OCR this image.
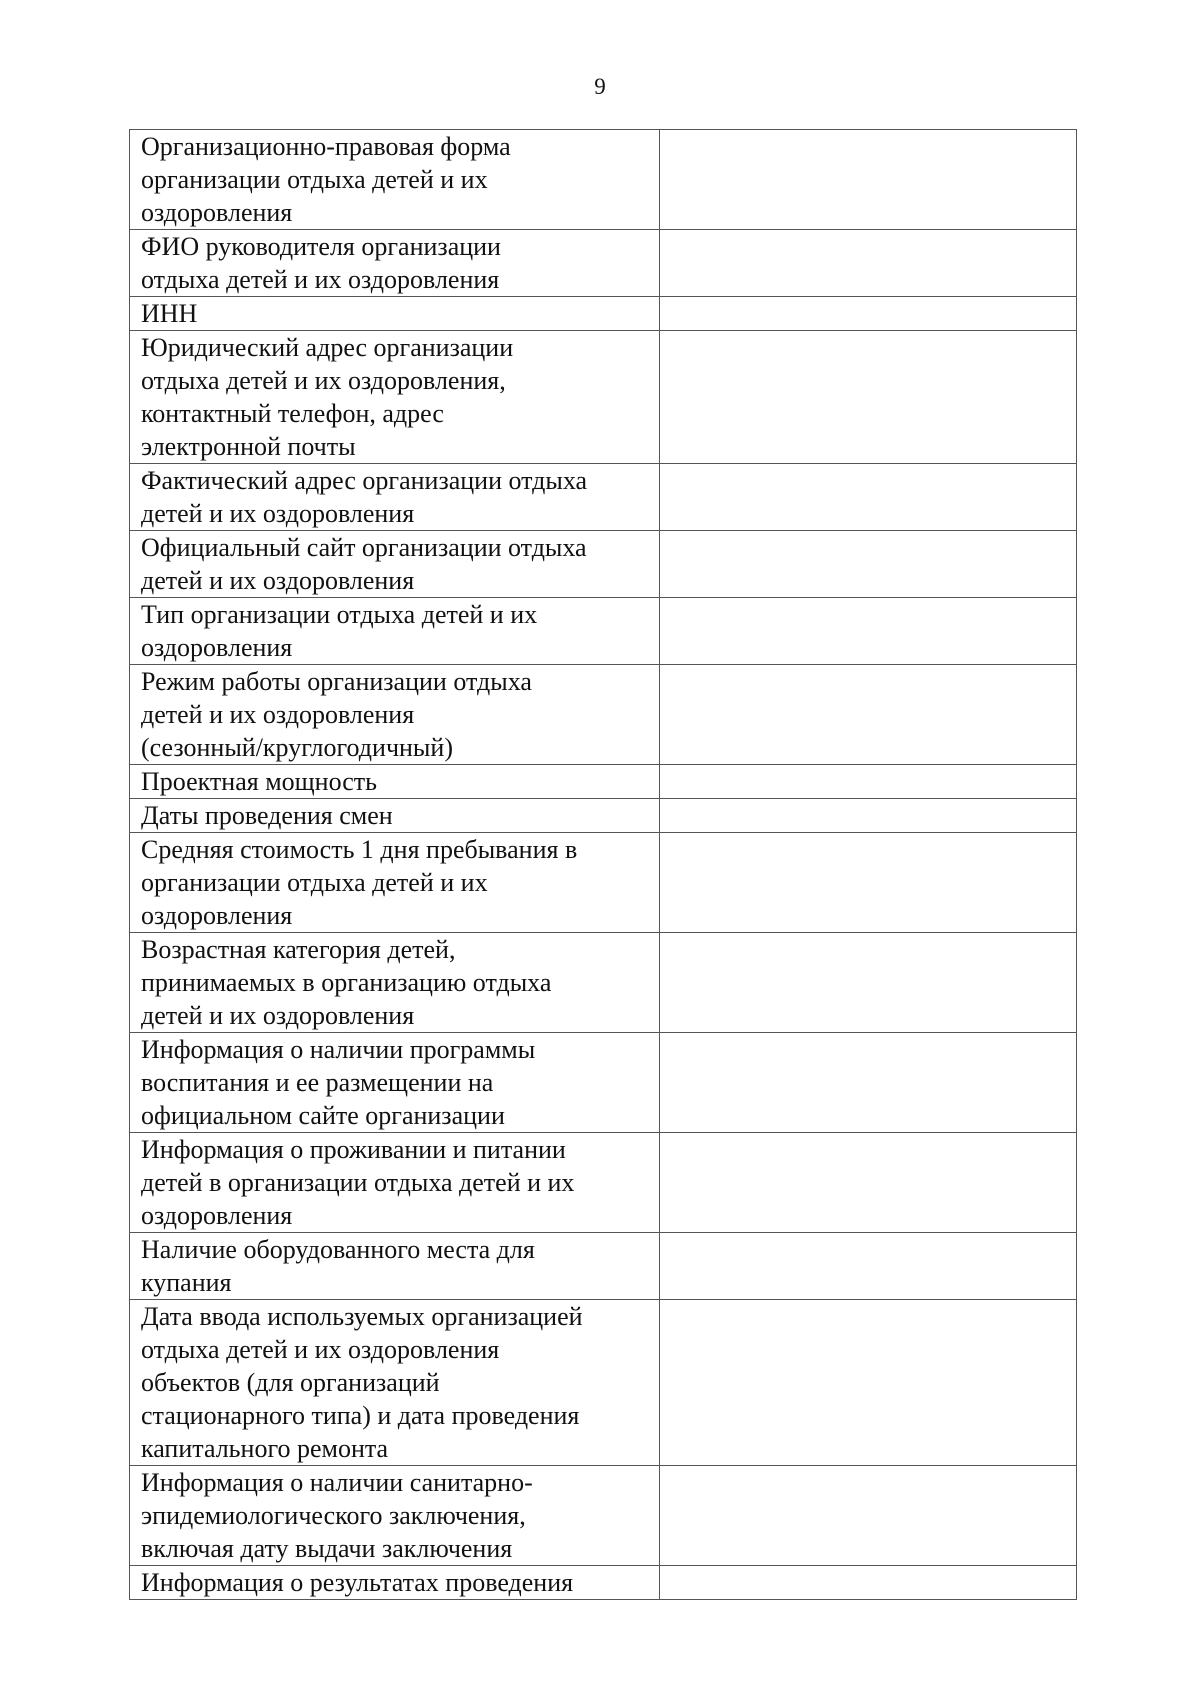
9
Организационно-правовая форма
организации отдыха детей и их
оздоровления	

ФИО руководителя организации
отдыха детей и их оздоровления	

ИНН	

Юридический адрес организации
отдыха детей и их оздоровления,
контактный телефон, адрес
электронной почты	

Фактический адрес организации отдыха
детей и их оздоровления	

Официальный сайт организации отдыха
детей и их оздоровления	

Тип организации отдыха детей и их
оздоровления	

Режим работы организации отдыха
детей и их оздоровления
(сезонный/круглогодичный)	

Проектная мощность	

Даты проведения смен	

Средняя стоимость 1 дня пребывания в
организации отдыха детей и их
оздоровления	

Возрастная категория детей,
принимаемых в организацию отдыха
детей и их оздоровления	

Информация о наличии программы
воспитания и ее размещении на
официальном сайте организации	

Информация о проживании и питании
детей в организации отдыха детей и их
оздоровления	

Наличие оборудованного места для
купания	

Дата ввода используемых организацией
отдыха детей и их оздоровления
объектов (для организаций
стационарного типа) и дата проведения
капитального ремонта	

Информация о наличии санитарно-
эпидемиологического заключения,
включая дату выдачи заключения	

Информация о результатах проведения	
